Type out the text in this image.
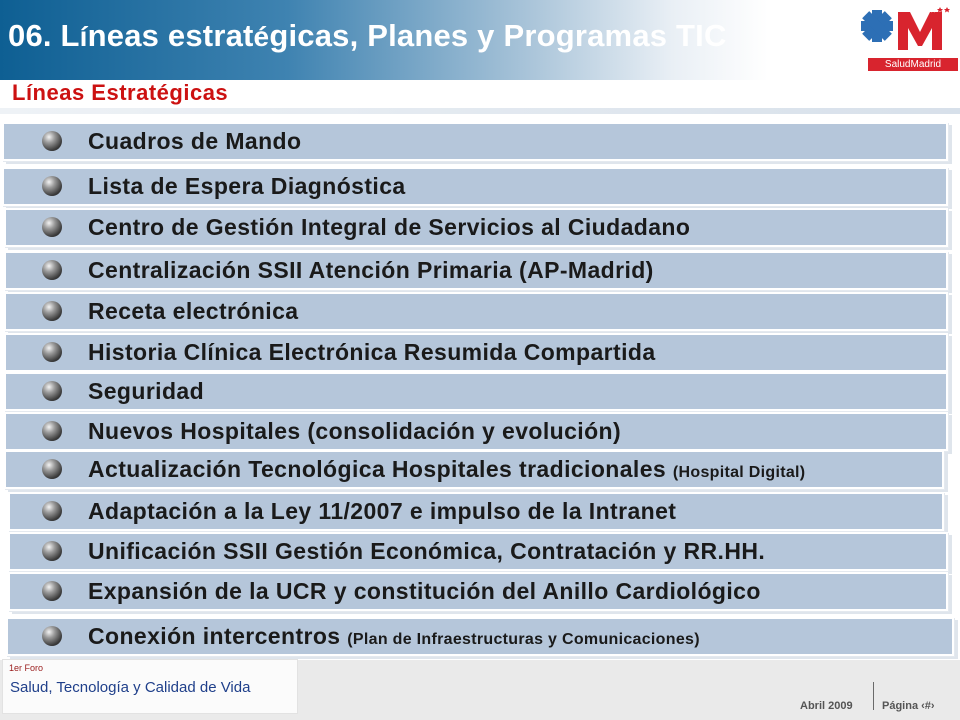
06. Líneas estratégicas, Planes y Programas TIC
SaludMadrid
Líneas Estratégicas
Cuadros de Mando
Lista de Espera Diagnóstica
Centro de Gestión Integral de Servicios al Ciudadano
Centralización SSII Atención Primaria (AP-Madrid)
Receta electrónica
Historia Clínica Electrónica Resumida Compartida
Seguridad
Nuevos Hospitales (consolidación y evolución)
Actualización Tecnológica Hospitales tradicionales (Hospital Digital)
Adaptación a la Ley 11/2007 e impulso de la Intranet
Unificación SSII Gestión Económica, Contratación y RR.HH.
Expansión de la UCR y constitución del Anillo Cardiológico
Conexión intercentros (Plan de Infraestructuras y Comunicaciones)
1er Foro
Salud, Tecnología y Calidad de Vida
Abril 2009	Página ‹#›
